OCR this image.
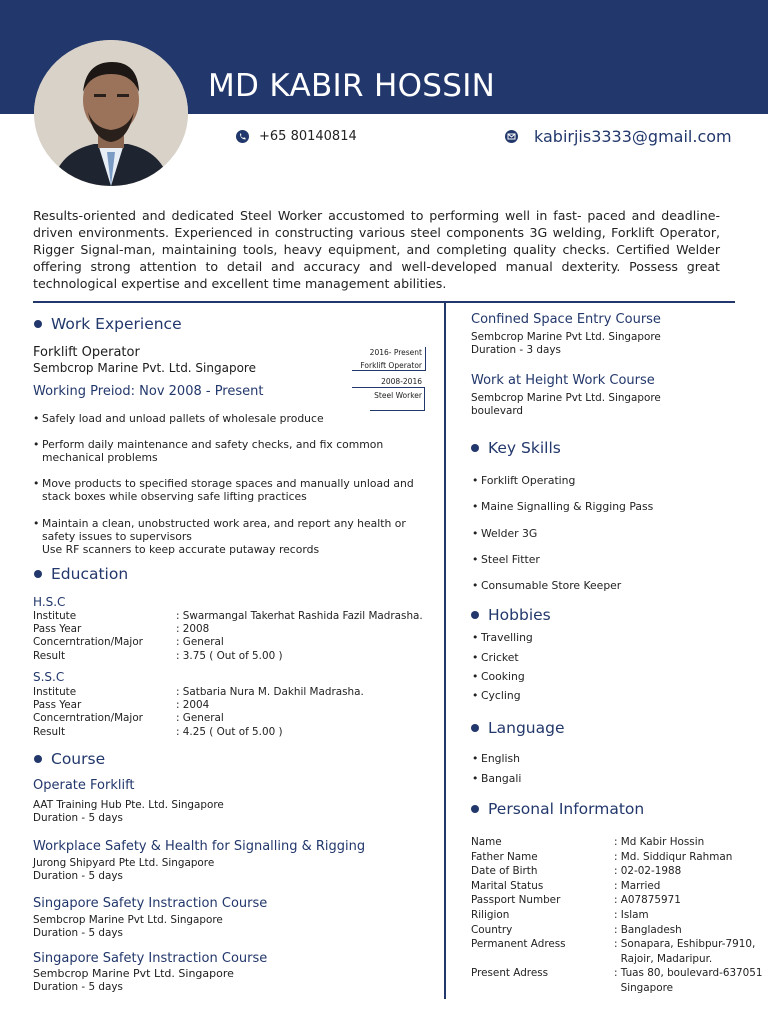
MD KABIR HOSSIN
+65 80140814	kabirjis3333@gmail.com
Results-oriented and dedicated Steel Worker accustomed to performing well in fast- paced and deadline-driven environments. Experienced in constructing various steel components 3G welding, Forklift Operator, Rigger Signal-man, maintaining tools, heavy equipment, and completing quality checks. Certified Welder offering strong attention to detail and accuracy and well-developed manual dexterity. Possess great technological expertise and excellent time management abilities.
Work Experience
Forklift Operator
Sembcrop Marine Pvt. Ltd. Singapore
Working Preiod: Nov 2008 - Present
2016- Present
Forklift Operator
2008-2016
Steel Worker
• Safely load and unload pallets of wholesale produce
• Perform daily maintenance and safety checks, and fix common mechanical problems
• Move products to specified storage spaces and manually unload and stack boxes while observing safe lifting practices
• Maintain a clean, unobstructed work area, and report any health or safety issues to supervisors
Use RF scanners to keep accurate putaway records
Education
H.S.C
Institute	: Swarmangal Takerhat Rashida Fazil Madrasha.
Pass Year	: 2008
Concerntration/Major	: General
Result	: 3.75 ( Out of 5.00 )
S.S.C
Institute	: Satbaria Nura M. Dakhil Madrasha.
Pass Year	: 2004
Concerntration/Major	: General
Result	: 4.25 ( Out of 5.00 )
Course
Operate Forklift
AAT Training Hub Pte. Ltd. Singapore
Duration - 5 days
Workplace Safety & Health for Signalling & Rigging
Jurong Shipyard Pte Ltd. Singapore
Duration - 5 days
Singapore Safety Instraction Course
Sembcrop Marine Pvt Ltd. Singapore
Duration - 5 days
Singapore Safety Instraction Course
Sembcrop Marine Pvt Ltd. Singapore
Duration - 5 days
Confined Space Entry Course
Sembcrop Marine Pvt Ltd. Singapore
Duration - 3 days
Work at Height Work Course
Sembcrop Marine Pvt Ltd. Singapore
boulevard
Key Skills
• Forklift Operating
• Maine Signalling & Rigging Pass
• Welder 3G
• Steel Fitter
• Consumable Store Keeper
Hobbies
• Travelling
• Cricket
• Cooking
• Cycling
Language
• English
• Bangali
Personal Informaton
Name	: Md Kabir Hossin
Father Name	: Md. Siddiqur Rahman
Date of Birth	: 02-02-1988
Marital Status	: Married
Passport Number	: A07875971
Riligion	: Islam
Country	: Bangladesh
Permanent Adress	: Sonapara, Eshibpur-7910,
Rajoir, Madaripur.
Present Adress	: Tuas 80, boulevard-637051
Singapore
